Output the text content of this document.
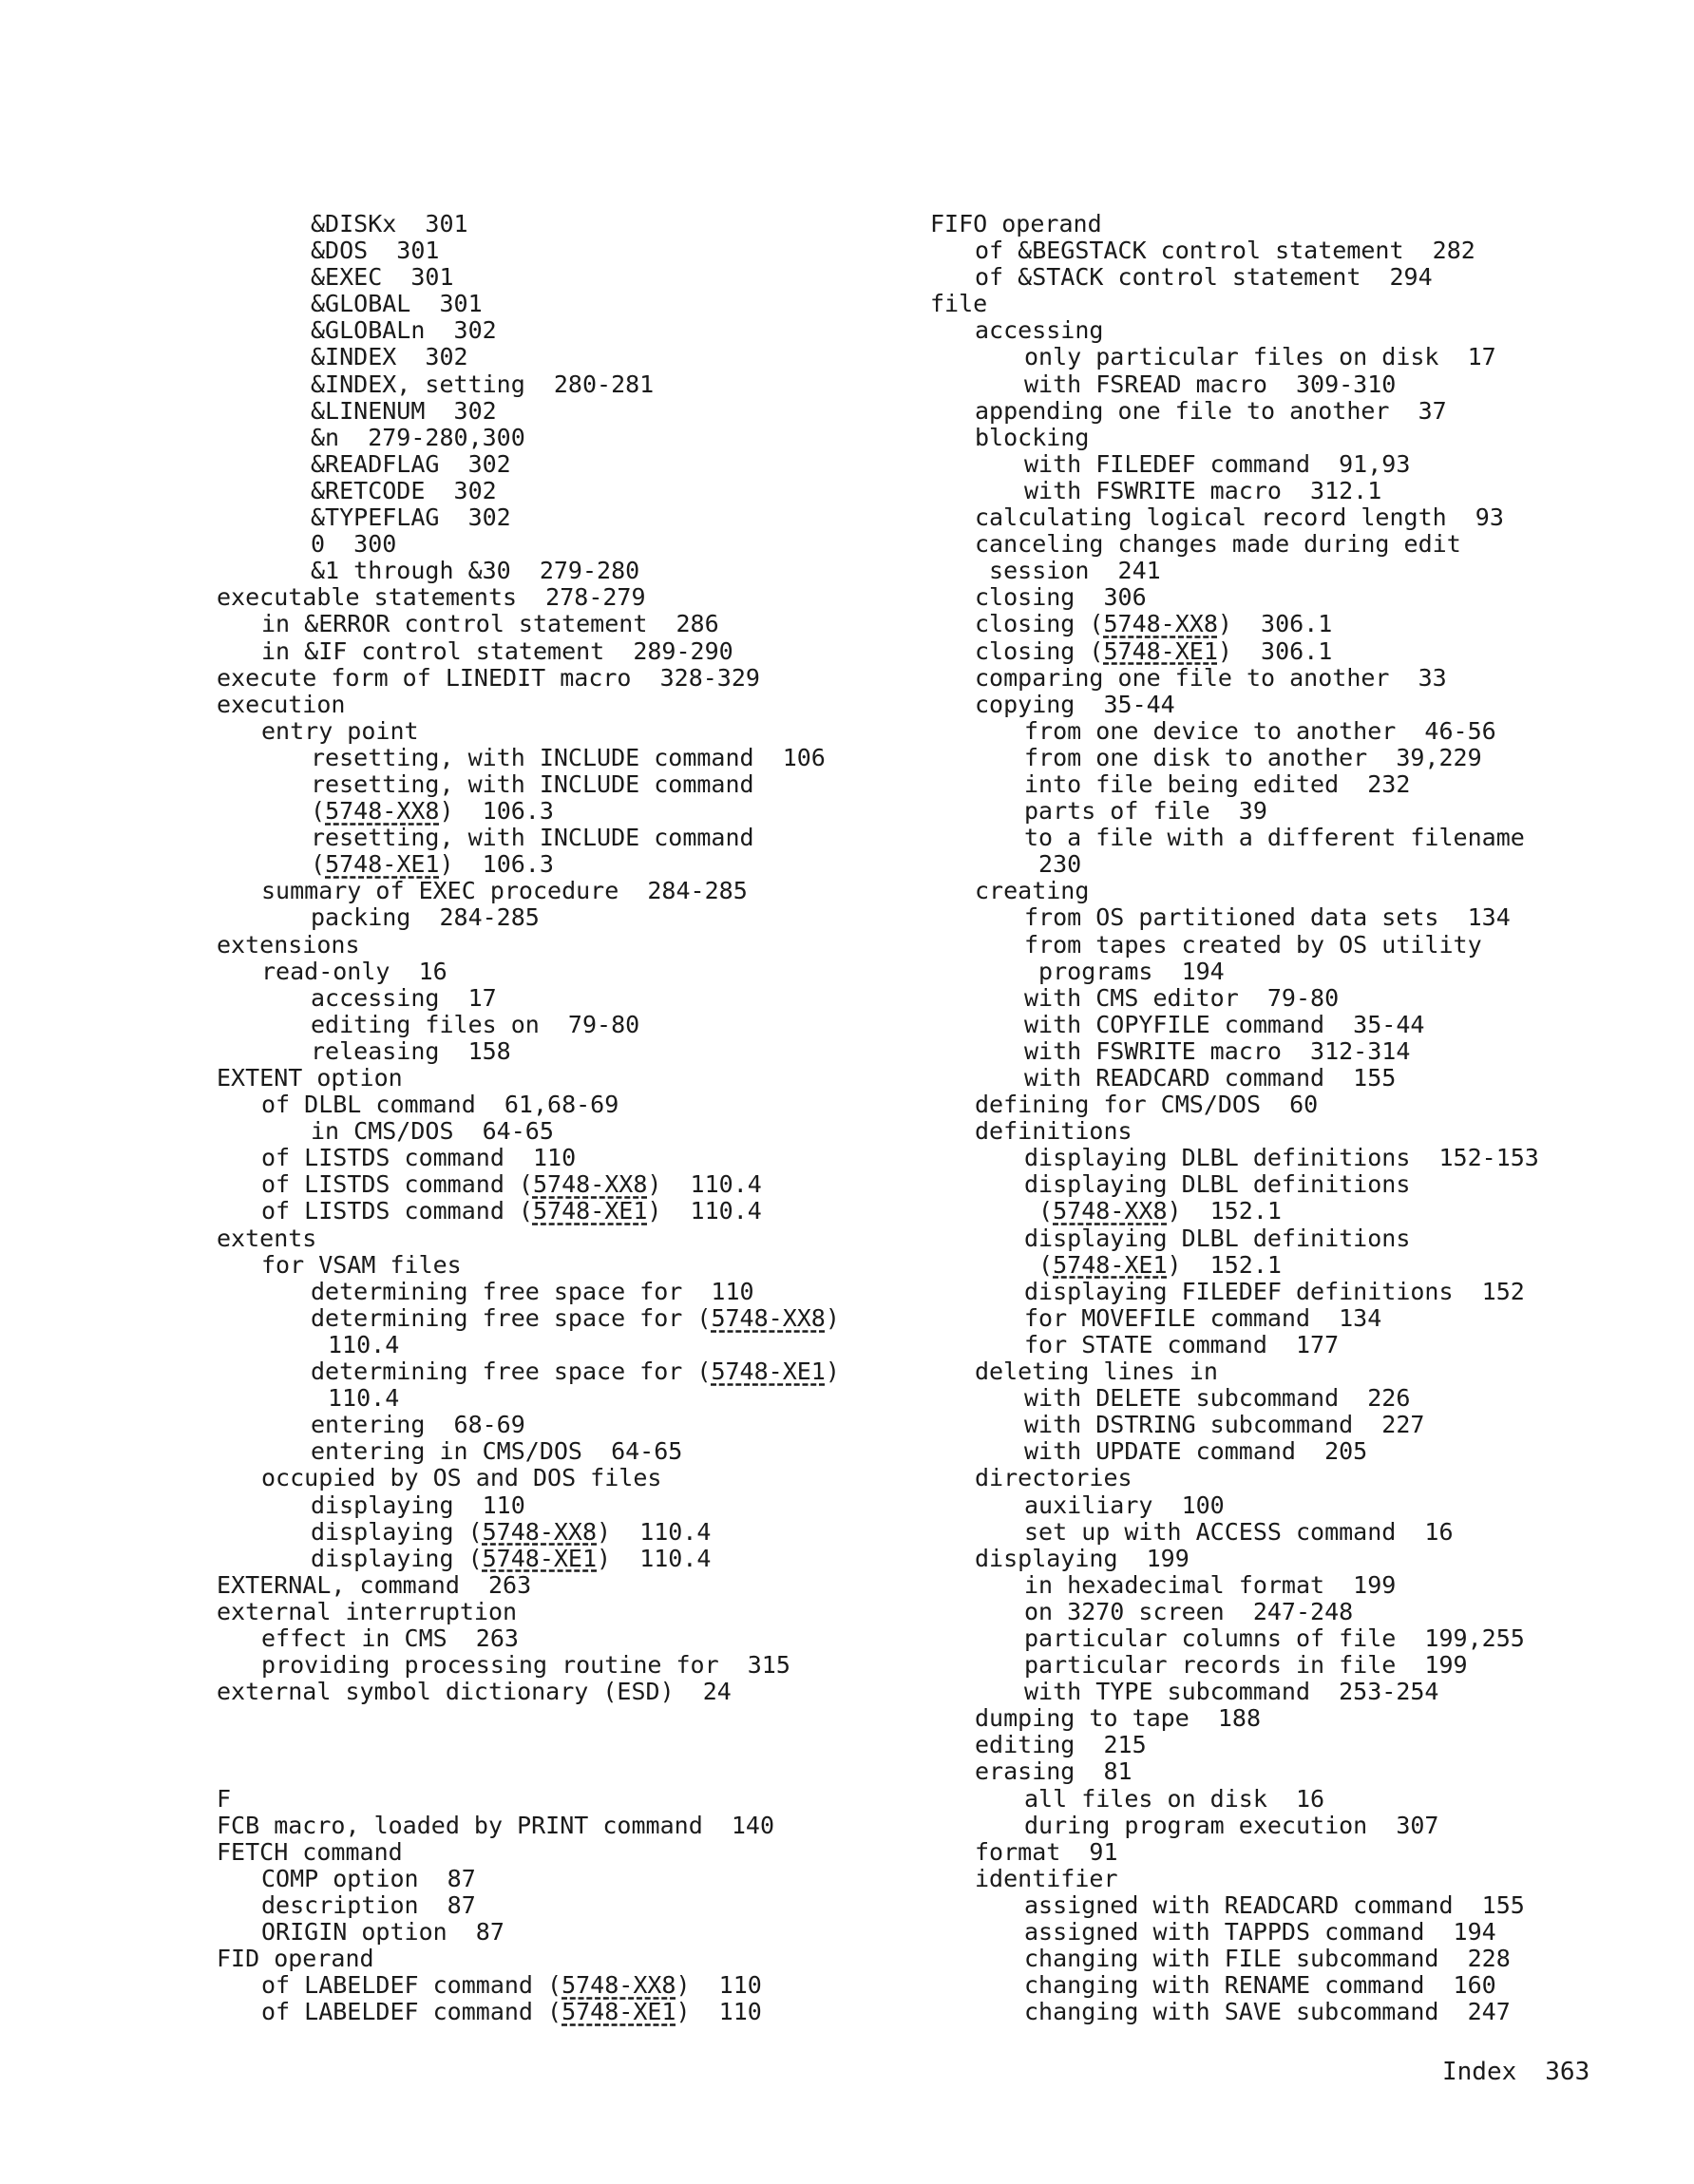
&DISKx  301
&DOS  301
&EXEC  301
&GLOBAL  301
&GLOBALn  302
&INDEX  302
&INDEX, setting  280-281
&LINENUM  302
&n  279-280,300
&READFLAG  302
&RETCODE  302
&TYPEFLAG  302
0  300
&1 through &30  279-280
executable statements  278-279
in &ERROR control statement  286
in &IF control statement  289-290
execute form of LINEDIT macro  328-329
execution
entry point
resetting, with INCLUDE command  106
resetting, with INCLUDE command
(5748-XX8)  106.3
resetting, with INCLUDE command
(5748-XE1)  106.3
summary of EXEC procedure  284-285
packing  284-285
extensions
read-only  16
accessing  17
editing files on  79-80
releasing  158
EXTENT option
of DLBL command  61,68-69
in CMS/DOS  64-65
of LISTDS command  110
of LISTDS command (5748-XX8)  110.4
of LISTDS command (5748-XE1)  110.4
extents
for VSAM files
determining free space for  110
determining free space for (5748-XX8)
110.4
determining free space for (5748-XE1)
110.4
entering  68-69
entering in CMS/DOS  64-65
occupied by OS and DOS files
displaying  110
displaying (5748-XX8)  110.4
displaying (5748-XE1)  110.4
EXTERNAL, command  263
external interruption
effect in CMS  263
providing processing routine for  315
external symbol dictionary (ESD)  24
F
FCB macro, loaded by PRINT command  140
FETCH command
COMP option  87
description  87
ORIGIN option  87
FID operand
of LABELDEF command (5748-XX8)  110
of LABELDEF command (5748-XE1)  110
FIFO operand
of &BEGSTACK control statement  282
of &STACK control statement  294
file
accessing
only particular files on disk  17
with FSREAD macro  309-310
appending one file to another  37
blocking
with FILEDEF command  91,93
with FSWRITE macro  312.1
calculating logical record length  93
canceling changes made during edit
session  241
closing  306
closing (5748-XX8)  306.1
closing (5748-XE1)  306.1
comparing one file to another  33
copying  35-44
from one device to another  46-56
from one disk to another  39,229
into file being edited  232
parts of file  39
to a file with a different filename
230
creating
from OS partitioned data sets  134
from tapes created by OS utility
programs  194
with CMS editor  79-80
with COPYFILE command  35-44
with FSWRITE macro  312-314
with READCARD command  155
defining for CMS/DOS  60
definitions
displaying DLBL definitions  152-153
displaying DLBL definitions
(5748-XX8)  152.1
displaying DLBL definitions
(5748-XE1)  152.1
displaying FILEDEF definitions  152
for MOVEFILE command  134
for STATE command  177
deleting lines in
with DELETE subcommand  226
with DSTRING subcommand  227
with UPDATE command  205
directories
auxiliary  100
set up with ACCESS command  16
displaying  199
in hexadecimal format  199
on 3270 screen  247-248
particular columns of file  199,255
particular records in file  199
with TYPE subcommand  253-254
dumping to tape  188
editing  215
erasing  81
all files on disk  16
during program execution  307
format  91
identifier
assigned with READCARD command  155
assigned with TAPPDS command  194
changing with FILE subcommand  228
changing with RENAME command  160
changing with SAVE subcommand  247
Index 363
